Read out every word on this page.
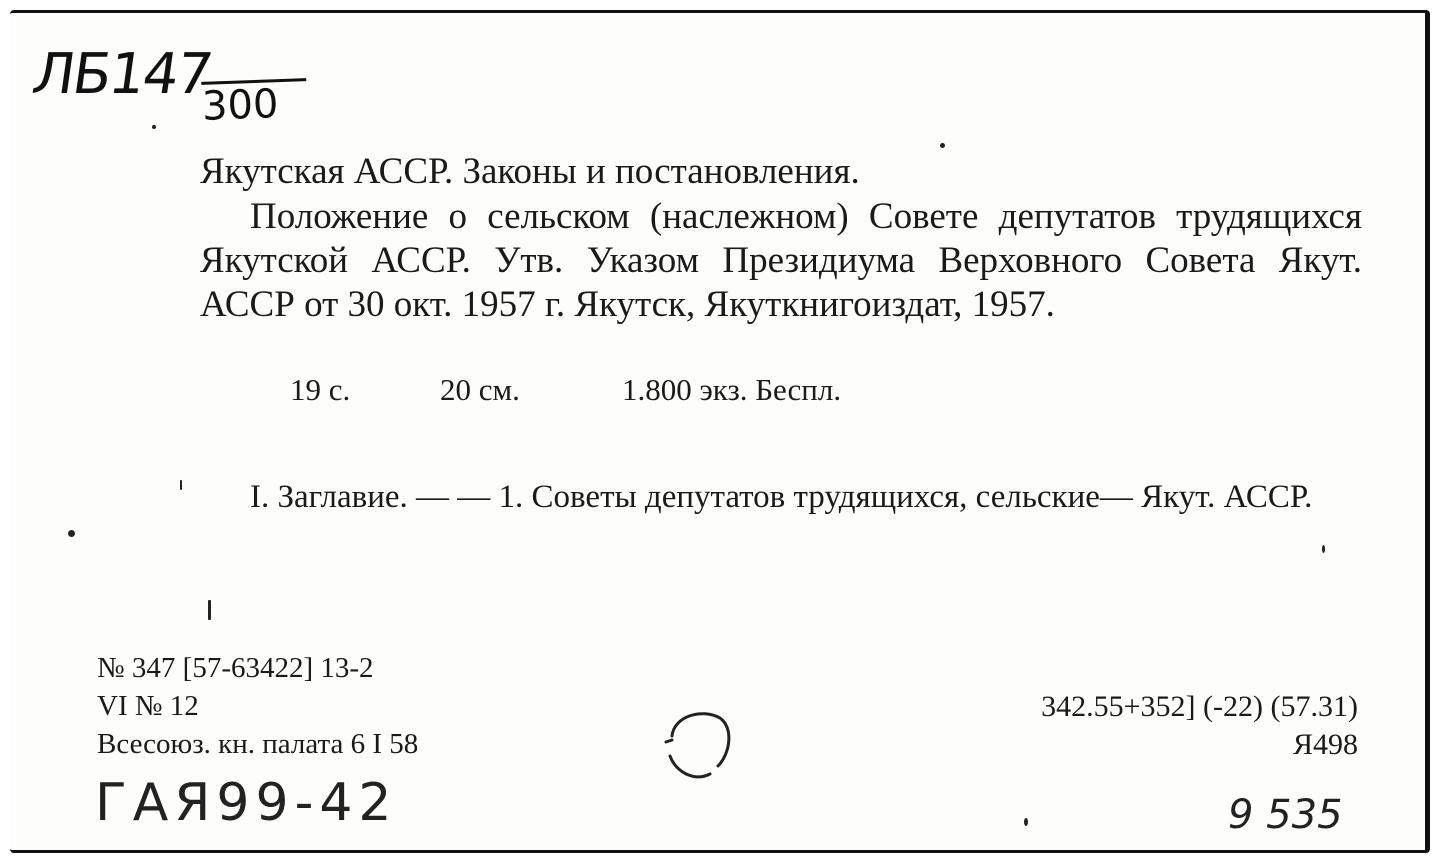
ЛБ147
300
Якутская АССР. Законы и постановления.
Положение о сельском (наслежном) Совете депутатов трудящихся Якутской АССР. Утв. Указом Президиума Верховного Совета Якут. АССР от 30 окт. 1957 г. Якутск, Якуткнигоиздат, 1957.
19 с.	20 см.	1.800 экз. Беспл.
I. Заглавие. — — 1. Советы депутатов трудящихся, сельские— Якут. АССР.
№ 347 [57-63422] 13-2
VI № 12
Всесоюз. кн. палата 6 I 58
342.55+352] (-22) (57.31)
Я498
ГАЯ99-42	9 535
